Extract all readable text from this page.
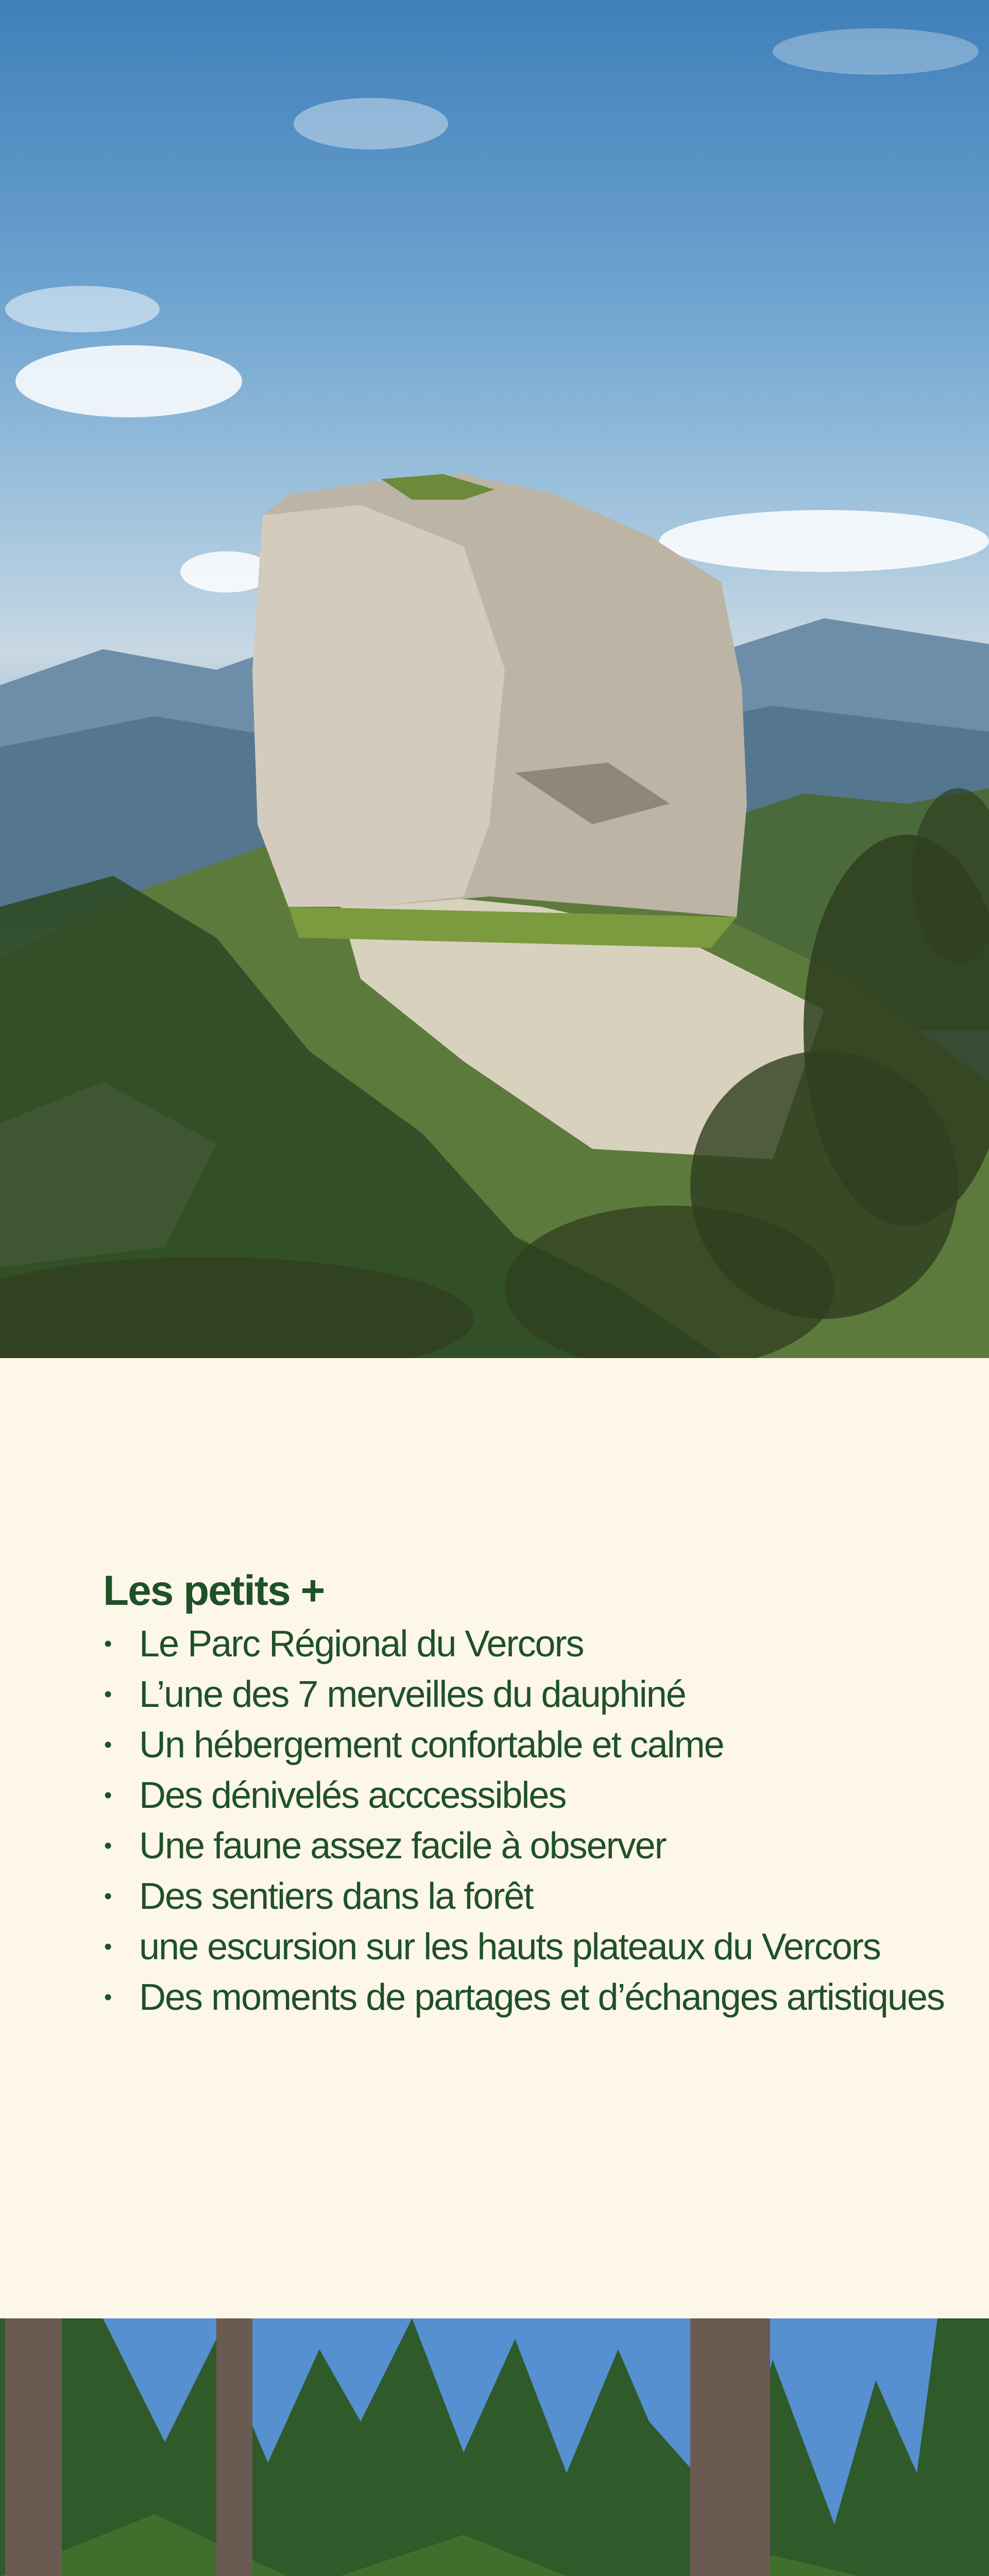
Les petits +
• Le Parc Régional du Vercors
• L’une des 7 merveilles du dauphiné
• Un hébergement confortable et calme
• Des dénivelés acccessibles
• Une faune assez facile à observer
• Des sentiers dans la forêt
• une escursion sur les hauts plateaux du Vercors
• Des moments de partages et d’échanges artistiques
